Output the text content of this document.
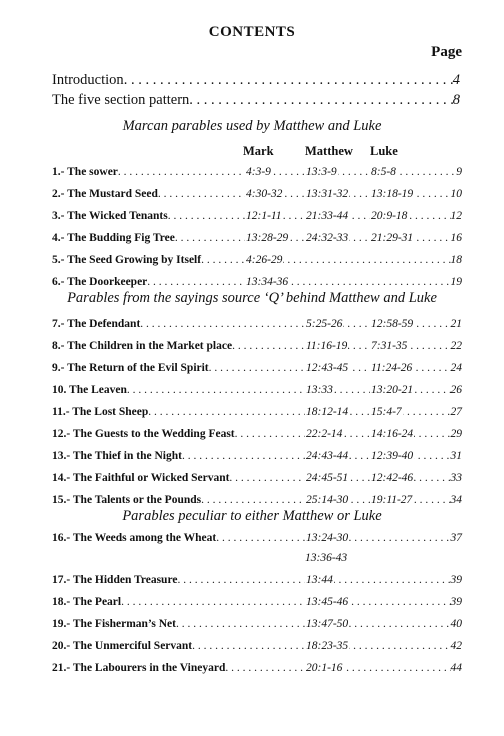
CONTENTS
Page
Introduction . . .	4
The five section pattern . . .	8
Marcan parables used by Matthew and Luke
Mark	Matthew Luke
1.- The sower . . .	4:3-9	13:3-9	8:5-8	9
2.- The Mustard Seed . . .	4:30-32 13:31-32 13:18-19	10
3.- The Wicked Tenants . . .	12:1-11 21:33-44 20:9-18	12
4.- The Budding Fig Tree . . .	13:28-29 24:32-33 21:29-31	16
5.- The Seed Growing by Itself . . .	4:26-29	18
6.- The Doorkeeper . . .	13:34-36	19
7.- The Defendant . . .	5:25-26 12:58-59	21
8.- The Children in the Market place . . .	11:16-19 7:31-35	22
9.- The Return of the Evil Spirit . . .	12:43-45 11:24-26	24
10. The Leaven . . .	13:33	13:20-21	26
11.- The Lost Sheep . . .	18:12-14 15:4-7	27
12.- The Guests to the Wedding Feast . . .	22:2-14 14:16-24	29
13.- The Thief in the Night . . .	24:43-44 12:39-40	31
14.- The Faithful or Wicked Servant . . .	24:45-51 12:42-46	33
15.- The Talents or the Pounds . . .	25:14-30 19:11-27	34
16.- The Weeds among the Wheat . . .	13:24-30	37
13:36-43
17.- The Hidden Treasure . . .	13:44	39
18.- The Pearl . . .	13:45-46	39
19.- The Fisherman’s Net . . .	13:47-50	40
20.- The Unmerciful Servant . . .	18:23-35	42
21.- The Labourers in the Vineyard . . .	20:1-16	44
Parables from the sayings source ‘Q’ behind Matthew and Luke
Parables peculiar to either Matthew or Luke
